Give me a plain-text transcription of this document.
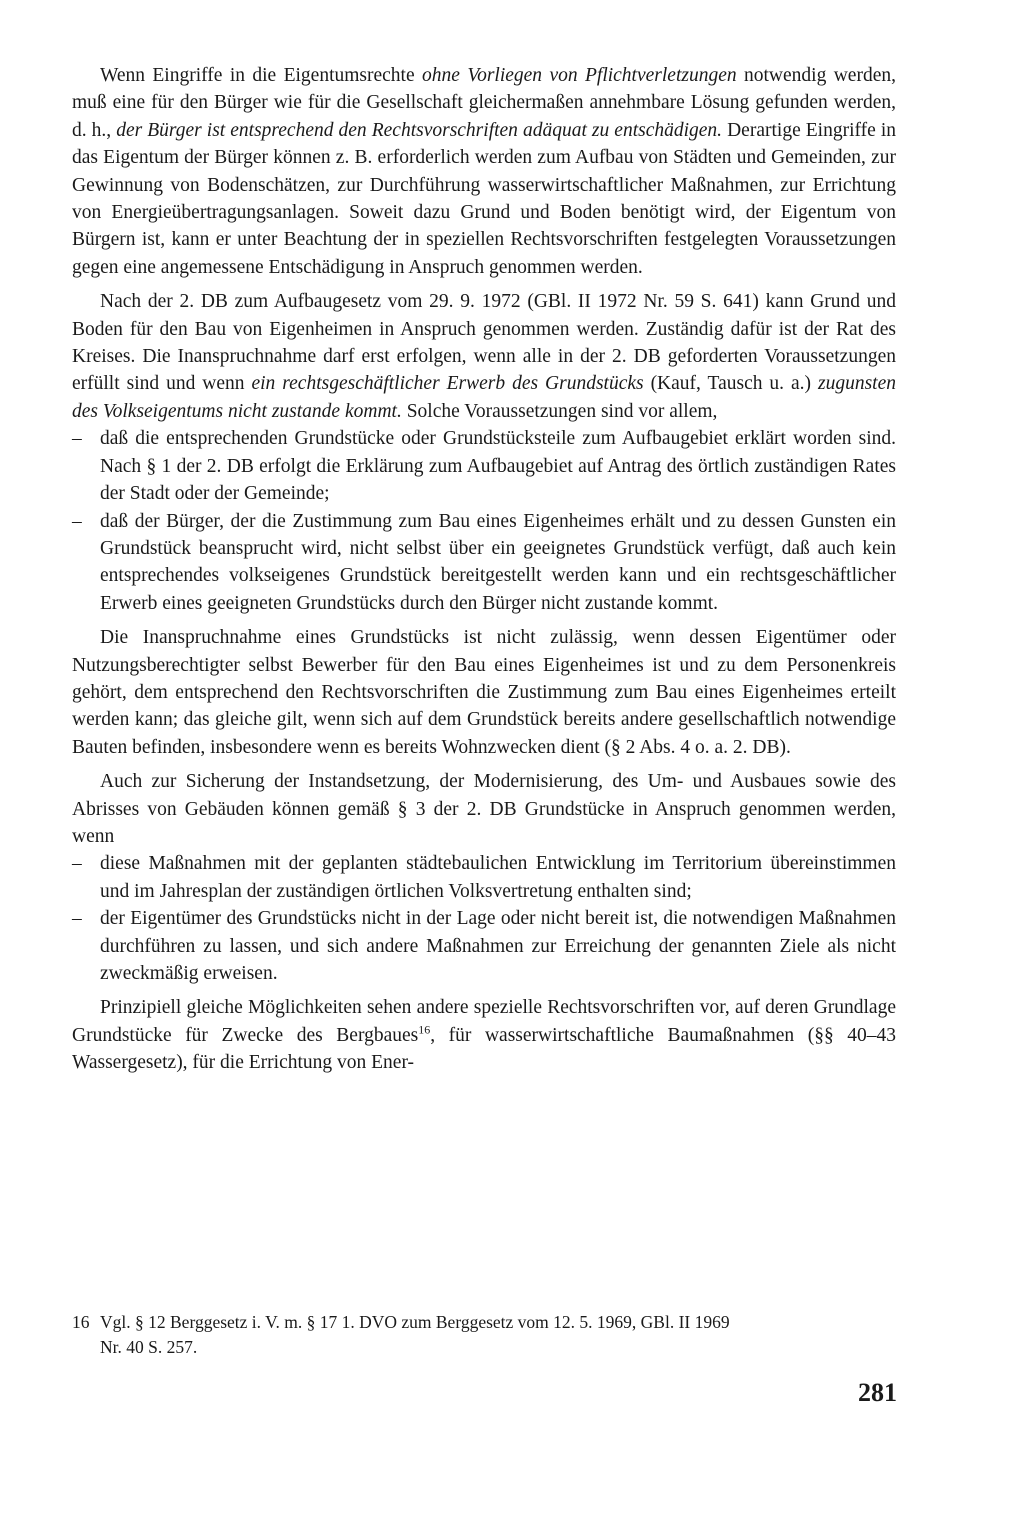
Wenn Eingriffe in die Eigentumsrechte ohne Vorliegen von Pflichtverletzungen notwendig werden, muß eine für den Bürger wie für die Gesellschaft gleichermaßen annehmbare Lösung gefunden werden, d. h., der Bürger ist entsprechend den Rechtsvorschriften adäquat zu entschädigen. Derartige Eingriffe in das Eigentum der Bürger können z. B. erforderlich werden zum Aufbau von Städten und Gemeinden, zur Gewinnung von Bodenschätzen, zur Durchführung wasserwirtschaftlicher Maßnahmen, zur Errichtung von Energieübertragungsanlagen. Soweit dazu Grund und Boden benötigt wird, der Eigentum von Bürgern ist, kann er unter Beachtung der in speziellen Rechtsvorschriften festgelegten Voraussetzungen gegen eine angemessene Entschädigung in Anspruch genommen werden.

Nach der 2. DB zum Aufbaugesetz vom 29. 9. 1972 (GBl. II 1972 Nr. 59 S. 641) kann Grund und Boden für den Bau von Eigenheimen in Anspruch genommen werden. Zuständig dafür ist der Rat des Kreises. Die Inanspruchnahme darf erst erfolgen, wenn alle in der 2. DB geforderten Voraussetzungen erfüllt sind und wenn ein rechtsgeschäftlicher Erwerb des Grundstücks (Kauf, Tausch u. a.) zugunsten des Volkseigentums nicht zustande kommt. Solche Voraussetzungen sind vor allem,

– daß die entsprechenden Grundstücke oder Grundstücksteile zum Aufbaugebiet erklärt worden sind. Nach § 1 der 2. DB erfolgt die Erklärung zum Aufbaugebiet auf Antrag des örtlich zuständigen Rates der Stadt oder der Gemeinde;
– daß der Bürger, der die Zustimmung zum Bau eines Eigenheimes erhält und zu dessen Gunsten ein Grundstück beansprucht wird, nicht selbst über ein geeignetes Grundstück verfügt, daß auch kein entsprechendes volkseigenes Grundstück bereitgestellt werden kann und ein rechtsgeschäftlicher Erwerb eines geeigneten Grundstücks durch den Bürger nicht zustande kommt.

Die Inanspruchnahme eines Grundstücks ist nicht zulässig, wenn dessen Eigentümer oder Nutzungsberechtigter selbst Bewerber für den Bau eines Eigenheimes ist und zu dem Personenkreis gehört, dem entsprechend den Rechtsvorschriften die Zustimmung zum Bau eines Eigenheimes erteilt werden kann; das gleiche gilt, wenn sich auf dem Grundstück bereits andere gesellschaftlich notwendige Bauten befinden, insbesondere wenn es bereits Wohnzwecken dient (§ 2 Abs. 4 o. a. 2. DB).

Auch zur Sicherung der Instandsetzung, der Modernisierung, des Um- und Ausbaues sowie des Abrisses von Gebäuden können gemäß § 3 der 2. DB Grundstücke in Anspruch genommen werden, wenn

– diese Maßnahmen mit der geplanten städtebaulichen Entwicklung im Territorium übereinstimmen und im Jahresplan der zuständigen örtlichen Volksvertretung enthalten sind;
– der Eigentümer des Grundstücks nicht in der Lage oder nicht bereit ist, die notwendigen Maßnahmen durchführen zu lassen, und sich andere Maßnahmen zur Erreichung der genannten Ziele als nicht zweckmäßig erweisen.

Prinzipiell gleiche Möglichkeiten sehen andere spezielle Rechtsvorschriften vor, auf deren Grundlage Grundstücke für Zwecke des Bergbaues$^{16}$, für wasserwirtschaftliche Baumaßnahmen (§§ 40–43 Wassergesetz), für die Errichtung von Ener-

16 Vgl. § 12 Berggesetz i. V. m. § 17 1. DVO zum Berggesetz vom 12. 5. 1969, GBl. II 1969
Nr. 40 S. 257.
281
